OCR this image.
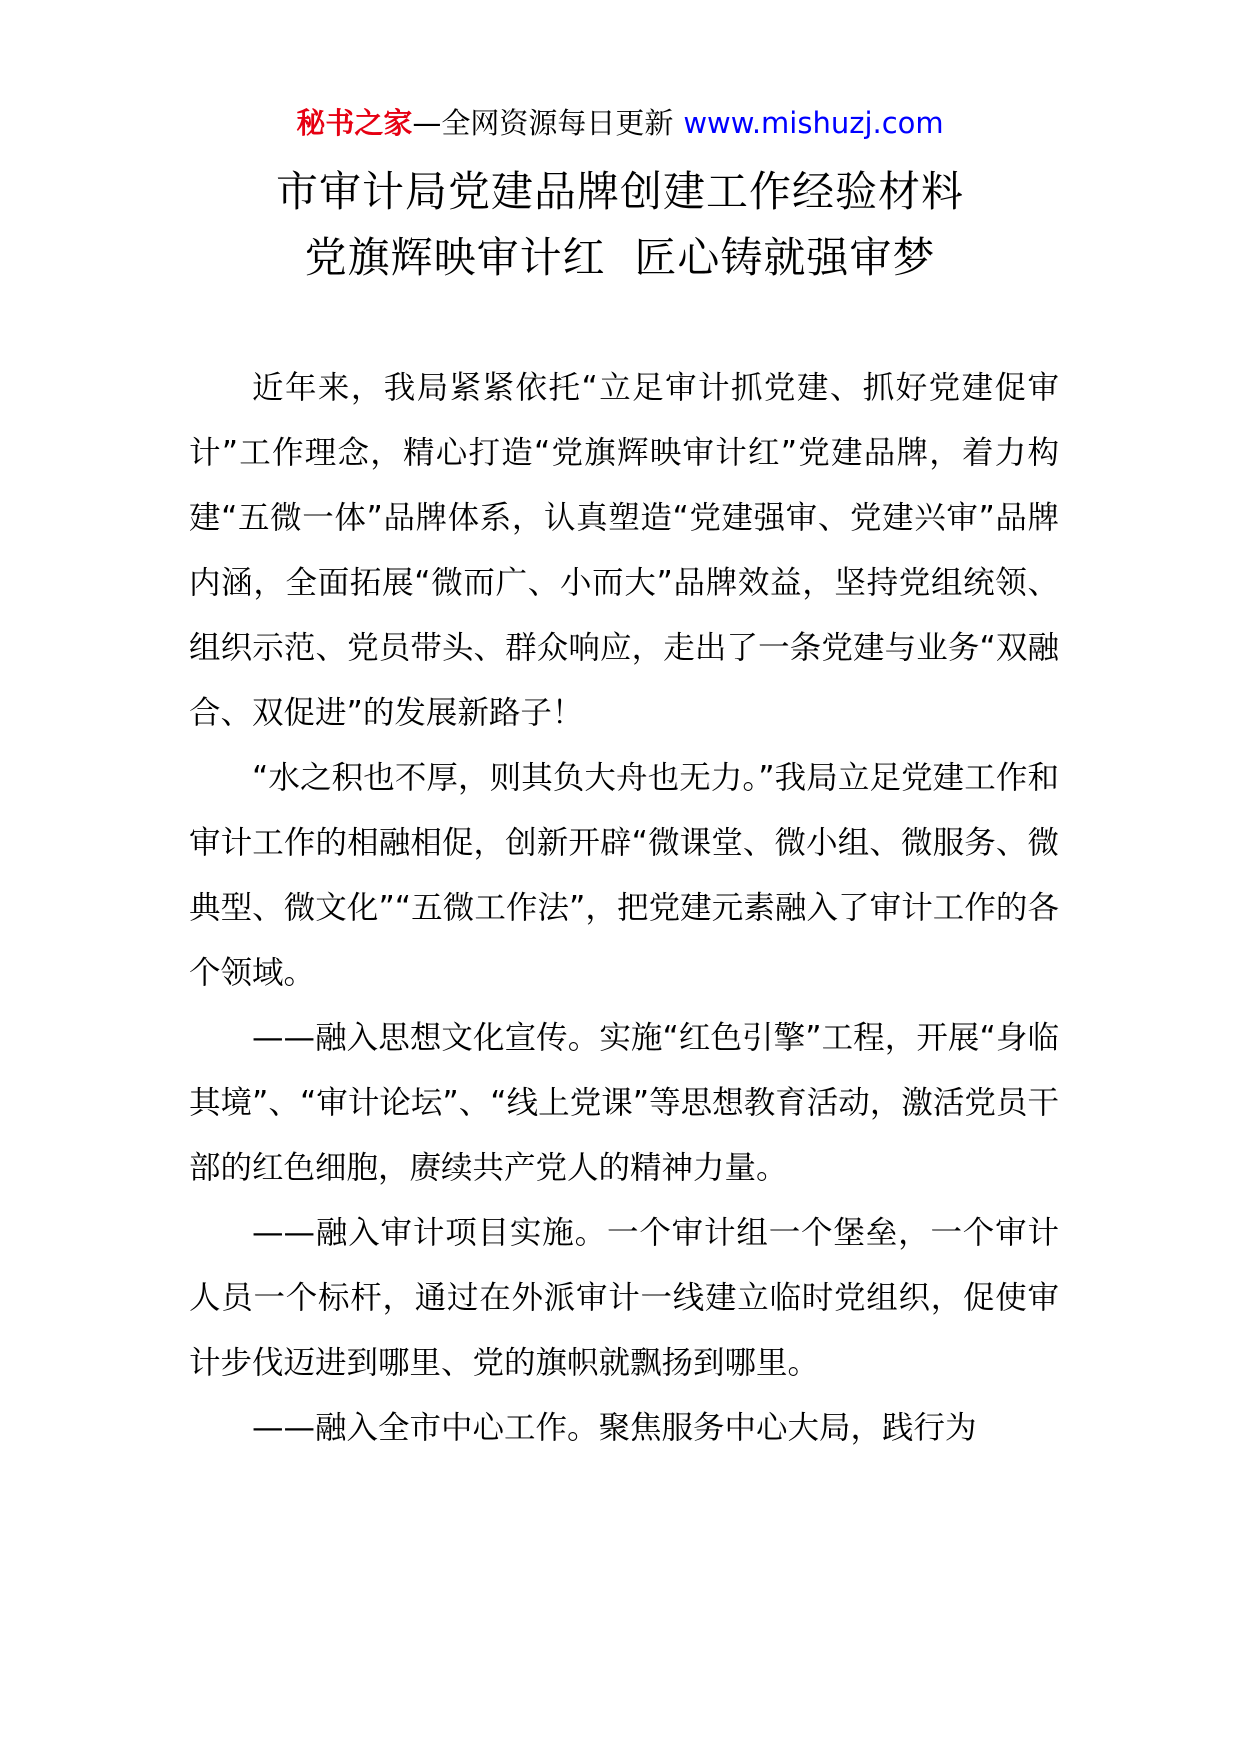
秘书之家—全网资源每日更新 www.mishuzj.com
市审计局党建品牌创建工作经验材料
党旗辉映审计红  匠心铸就强审梦

近年来，我局紧紧依托“立足审计抓党建、抓好党建促审计”工作理念，精心打造“党旗辉映审计红”党建品牌，着力构建“五微一体”品牌体系，认真塑造“党建强审、党建兴审”品牌内涵，全面拓展“微而广、小而大”品牌效益，坚持党组统领、组织示范、党员带头、群众响应，走出了一条党建与业务“双融合、双促进”的发展新路子！

“水之积也不厚，则其负大舟也无力。”我局立足党建工作和审计工作的相融相促，创新开辟“微课堂、微小组、微服务、微典型、微文化”“五微工作法”，把党建元素融入了审计工作的各个领域。

——融入思想文化宣传。实施“红色引擎”工程，开展“身临其境”、“审计论坛”、“线上党课”等思想教育活动，激活党员干部的红色细胞，赓续共产党人的精神力量。

——融入审计项目实施。一个审计组一个堡垒，一个审计人员一个标杆，通过在外派审计一线建立临时党组织，促使审计步伐迈进到哪里、党的旗帜就飘扬到哪里。

——融入全市中心工作。聚焦服务中心大局，践行为
